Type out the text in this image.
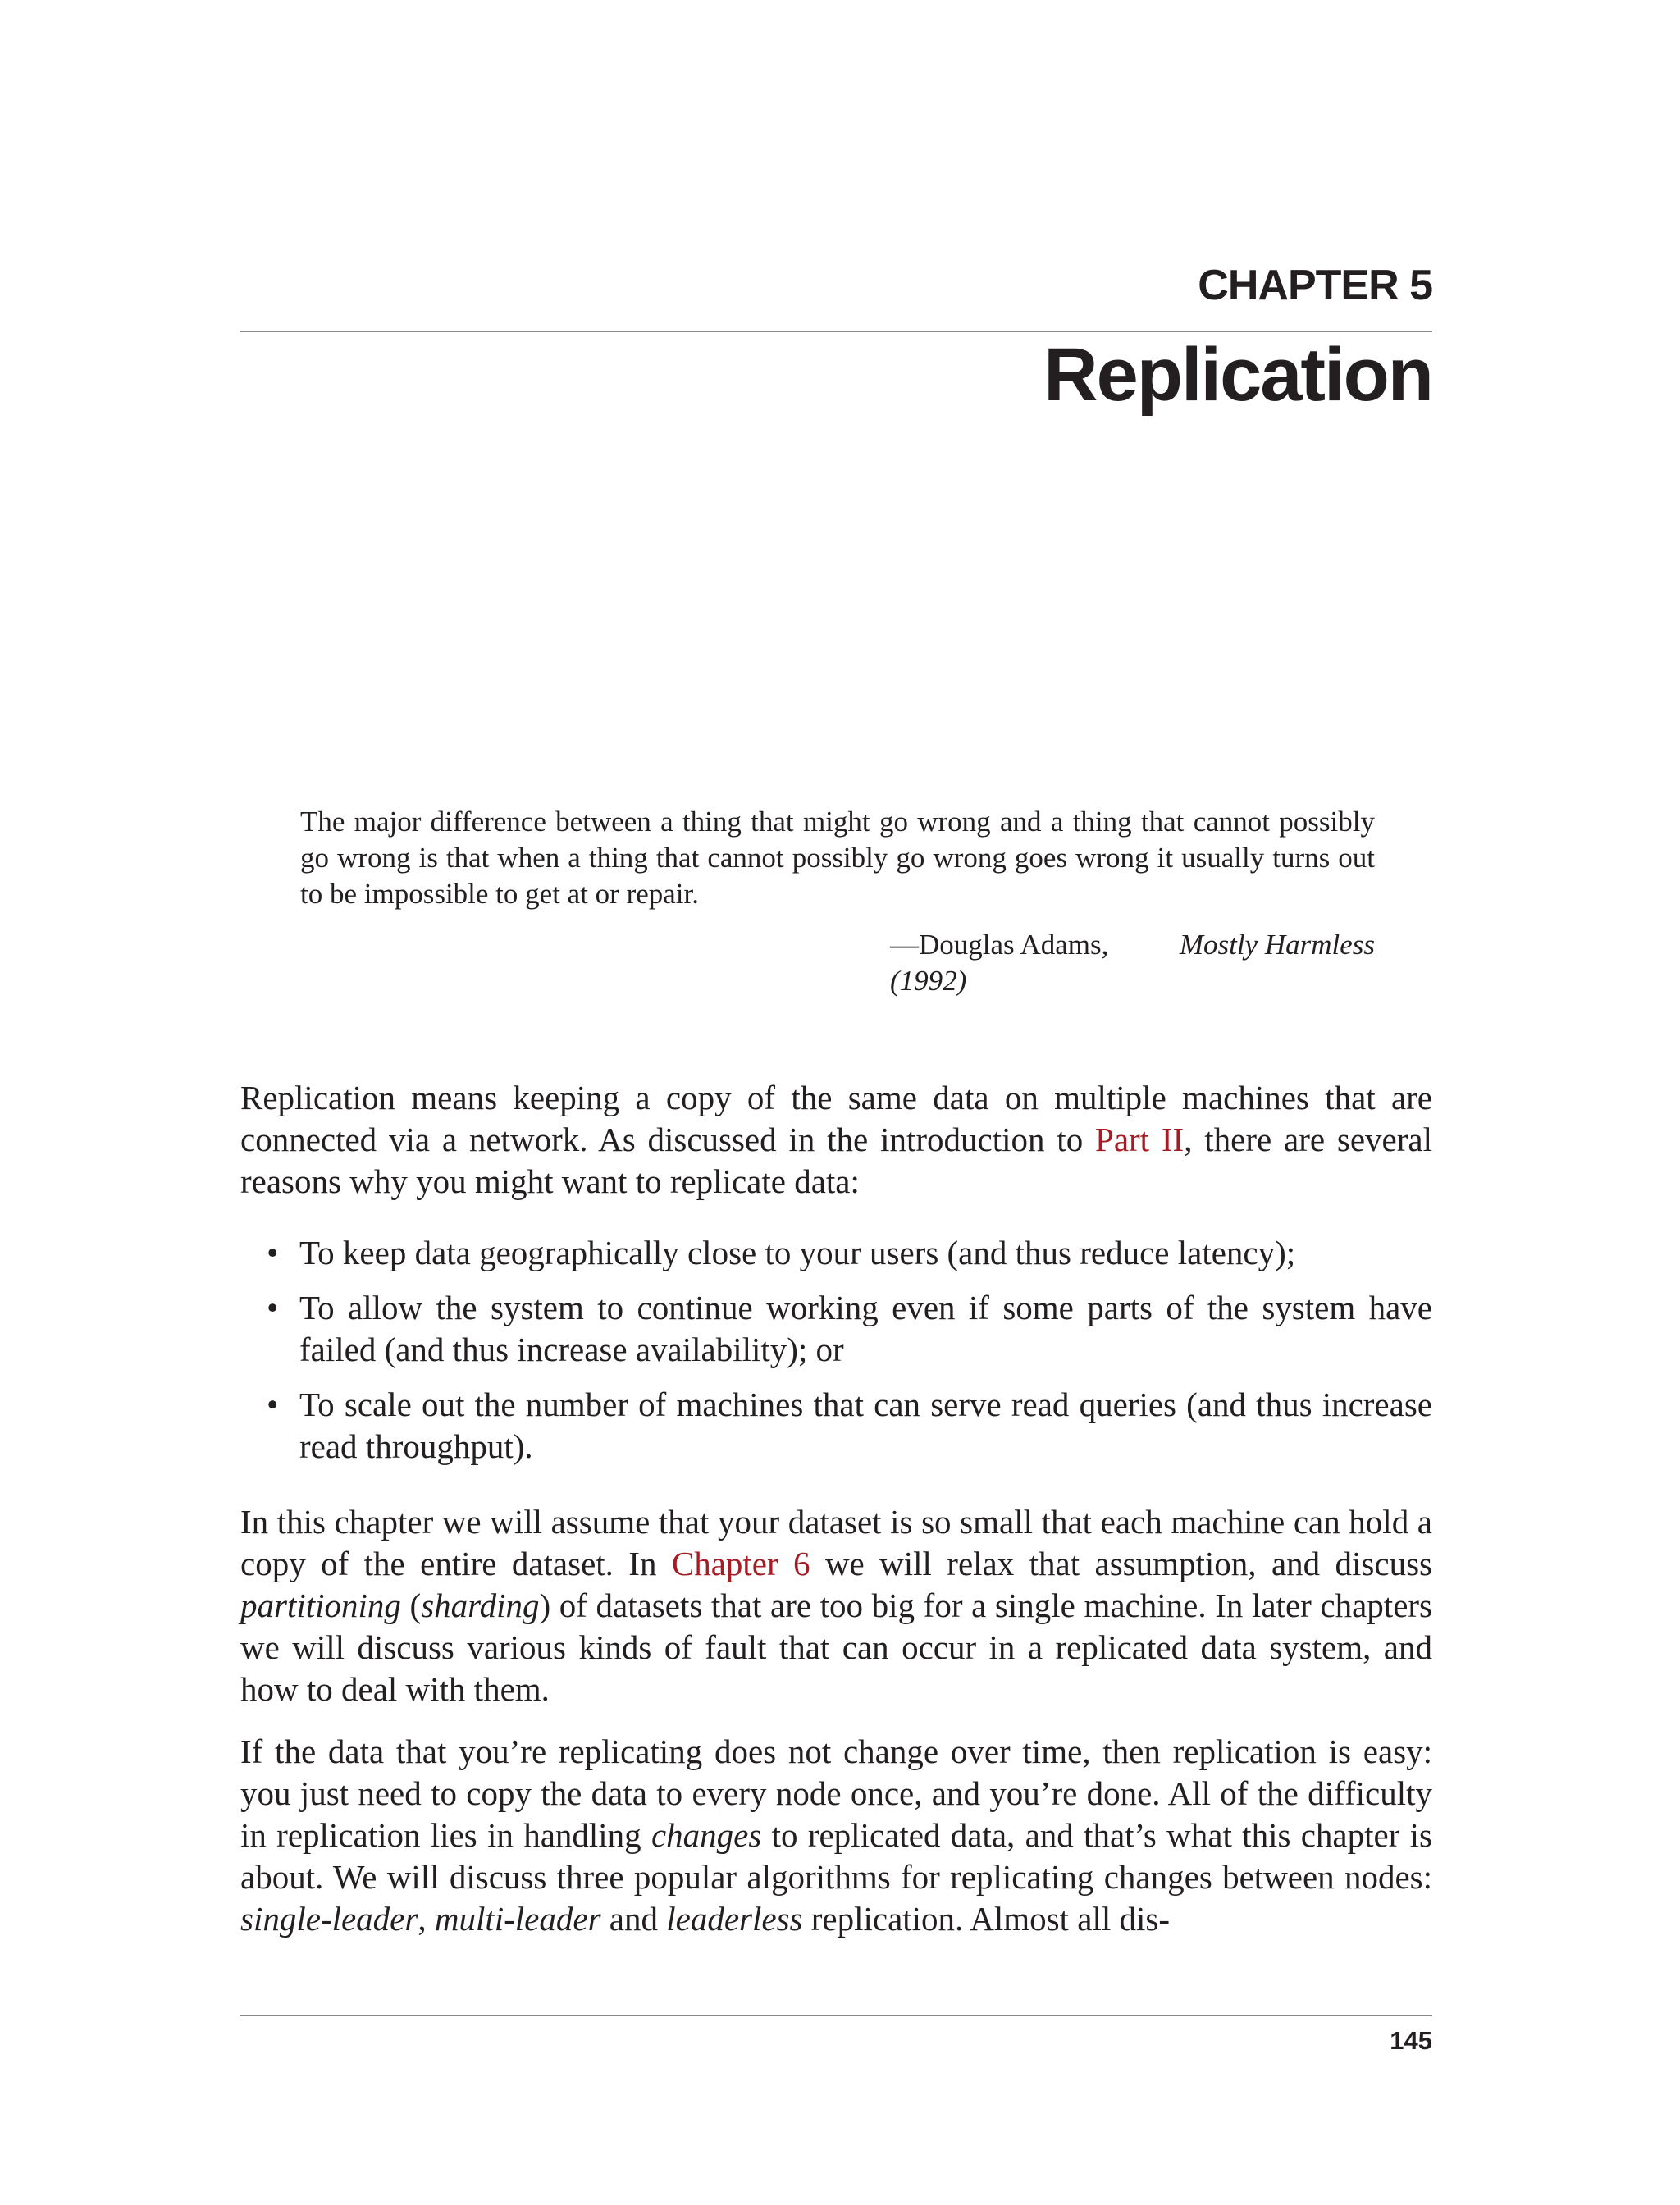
CHAPTER 5
Replication

The major difference between a thing that might go wrong and a thing that cannot possibly go wrong is that when a thing that cannot possibly go wrong goes wrong it usually turns out to be impossible to get at or repair.

—Douglas Adams, Mostly Harmless
(1992)

Replication means keeping a copy of the same data on multiple machines that are connected via a network. As discussed in the introduction to Part II, there are several reasons why you might want to replicate data:

• To keep data geographically close to your users (and thus reduce latency);
• To allow the system to continue working even if some parts of the system have failed (and thus increase availability); or
• To scale out the number of machines that can serve read queries (and thus increase read throughput).

In this chapter we will assume that your dataset is so small that each machine can hold a copy of the entire dataset. In Chapter 6 we will relax that assumption, and discuss partitioning (sharding) of datasets that are too big for a single machine. In later chapters we will discuss various kinds of fault that can occur in a replicated data system, and how to deal with them.

If the data that you’re replicating does not change over time, then replication is easy: you just need to copy the data to every node once, and you’re done. All of the difficulty in replication lies in handling changes to replicated data, and that’s what this chapter is about. We will discuss three popular algorithms for replicating changes between nodes: single-leader, multi-leader and leaderless replication. Almost all dis-

145
